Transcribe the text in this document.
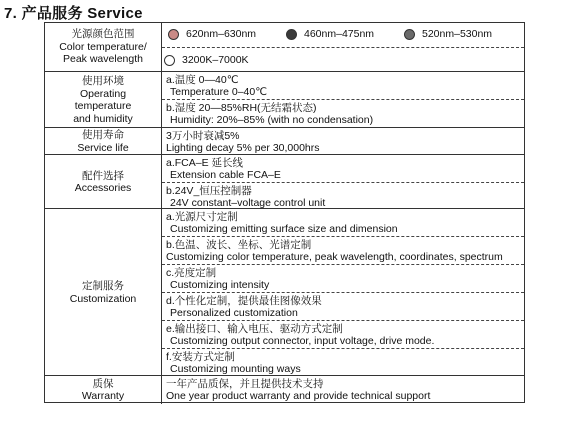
7. 产品服务 Service
光源颜色范围
Color temperature/
Peak wavelength
620nm–630nm	460nm–475nm	520nm–530nm
3200K–7000K
使用环境
Operating
temperature
and humidity
a.温度 0—40℃
Temperature 0–40℃
b.湿度 20—85%RH(无结霜状态)
Humidity: 20%–85% (with no condensation)
使用寿命
Service life
3万小时衰减5%
Lighting decay 5% per 30,000hrs
配件选择
Accessories
a.FCA–E 延长线
Extension cable FCA–E
b.24V_恒压控制器
24V constant–voltage control unit
定制服务
Customization
a.光源尺寸定制
Customizing emitting surface size and dimension
b.色温、波长、坐标、光谱定制
Customizing color temperature, peak wavelength, coordinates, spectrum
c.亮度定制
Customizing intensity
d.个性化定制，提供最佳图像效果
Personalized customization
e.输出接口、输入电压、驱动方式定制
Customizing output connector, input voltage, drive mode.
f.安装方式定制
Customizing mounting ways
质保
Warranty
一年产品质保，并且提供技术支持
One year product warranty and provide technical support
